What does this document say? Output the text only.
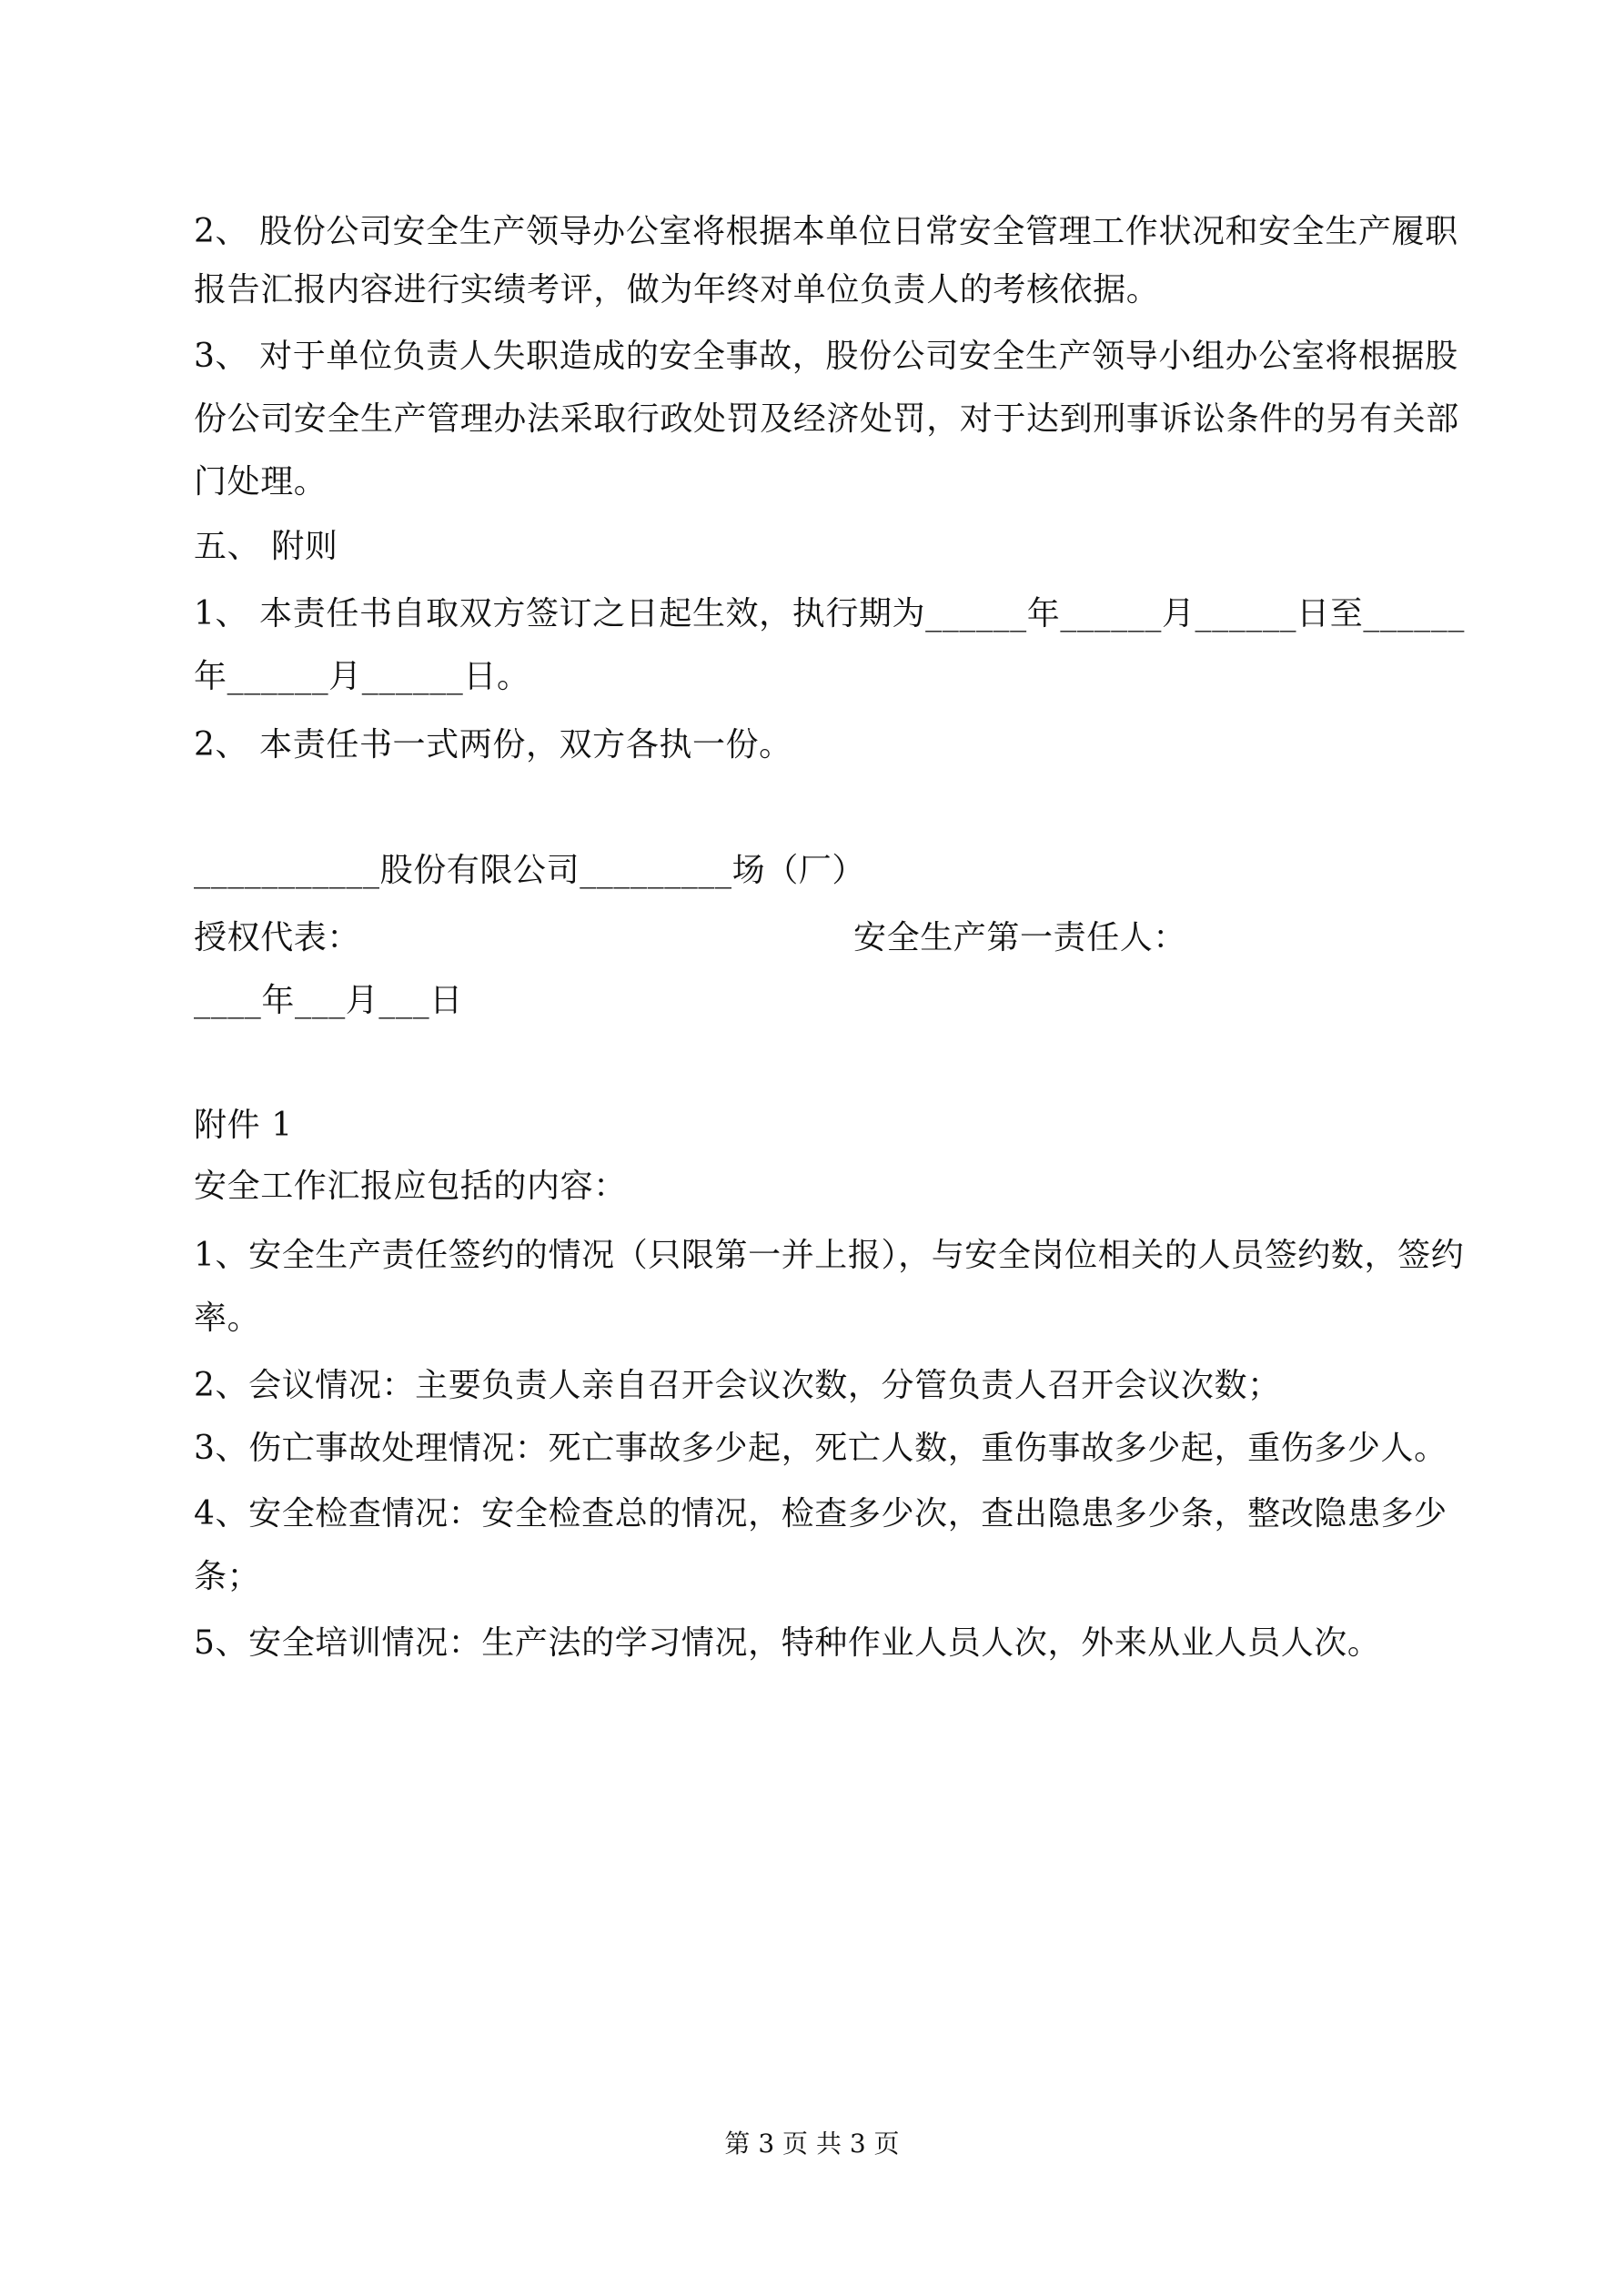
2、 股份公司安全生产领导办公室将根据本单位日常安全管理工作状况和安全生产履职
报告汇报内容进行实绩考评，做为年终对单位负责人的考核依据。
3、 对于单位负责人失职造成的安全事故，股份公司安全生产领导小组办公室将根据股
份公司安全生产管理办法采取行政处罚及经济处罚，对于达到刑事诉讼条件的另有关部
门处理。
五、 附则
1、 本责任书自取双方签订之日起生效，执行期为______年______月______日至______
年______月______日。
2、 本责任书一式两份，双方各执一份。
___________股份有限公司_________场（厂）
授权代表：	安全生产第一责任人：
____年___月___日
附件 1
安全工作汇报应包括的内容：
1、安全生产责任签约的情况（只限第一并上报），与安全岗位相关的人员签约数，签约
率。
2、会议情况：主要负责人亲自召开会议次数，分管负责人召开会议次数；
3、伤亡事故处理情况：死亡事故多少起，死亡人数，重伤事故多少起，重伤多少人。
4、安全检查情况：安全检查总的情况，检查多少次，查出隐患多少条，整改隐患多少
条；
5、安全培训情况：生产法的学习情况，特种作业人员人次，外来从业人员人次。
第 3 页 共 3 页
